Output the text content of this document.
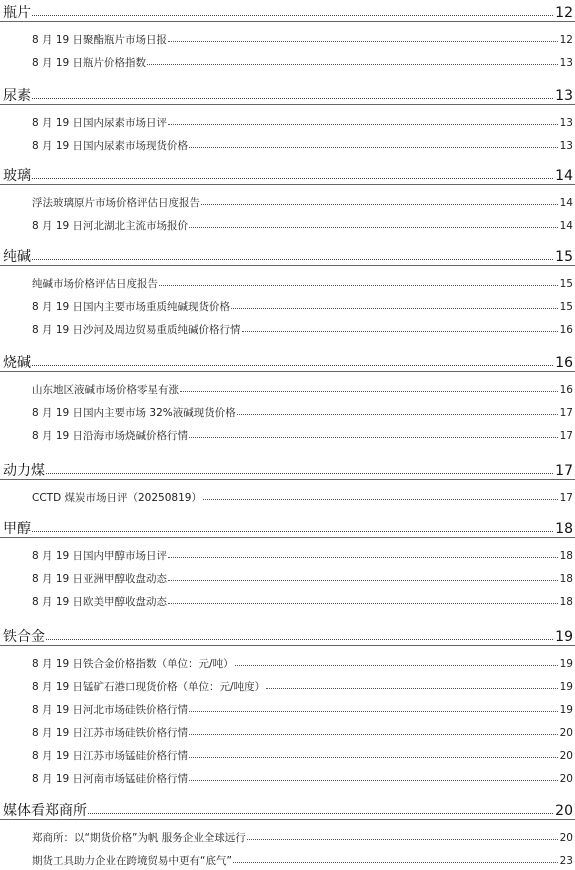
瓶片	12
8 月 19 日聚酯瓶片市场日报	12
8 月 19 日瓶片价格指数	13
尿素	13
8 月 19 日国内尿素市场日评	13
8 月 19 日国内尿素市场现货价格	13
玻璃	14
浮法玻璃原片市场价格评估日度报告	14
8 月 19 日河北湖北主流市场报价	14
纯碱	15
纯碱市场价格评估日度报告	15
8 月 19 日国内主要市场重质纯碱现货价格	15
8 月 19 日沙河及周边贸易重质纯碱价格行情	16
烧碱	16
山东地区液碱市场价格零星有涨	16
8 月 19 日国内主要市场 32%液碱现货价格	17
8 月 19 日沿海市场烧碱价格行情	17
动力煤	17
CCTD 煤炭市场日评（20250819）	17
甲醇	18
8 月 19 日国内甲醇市场日评	18
8 月 19 日亚洲甲醇收盘动态	18
8 月 19 日欧美甲醇收盘动态	18
铁合金	19
8 月 19 日铁合金价格指数（单位：元/吨）	19
8 月 19 日锰矿石港口现货价格（单位：元/吨度）	19
8 月 19 日河北市场硅铁价格行情	19
8 月 19 日江苏市场硅铁价格行情	20
8 月 19 日江苏市场锰硅价格行情	20
8 月 19 日河南市场锰硅价格行情	20
媒体看郑商所	20
郑商所：以“期货价格”为帆 服务企业全球远行	20
期货工具助力企业在跨境贸易中更有“底气”	23
